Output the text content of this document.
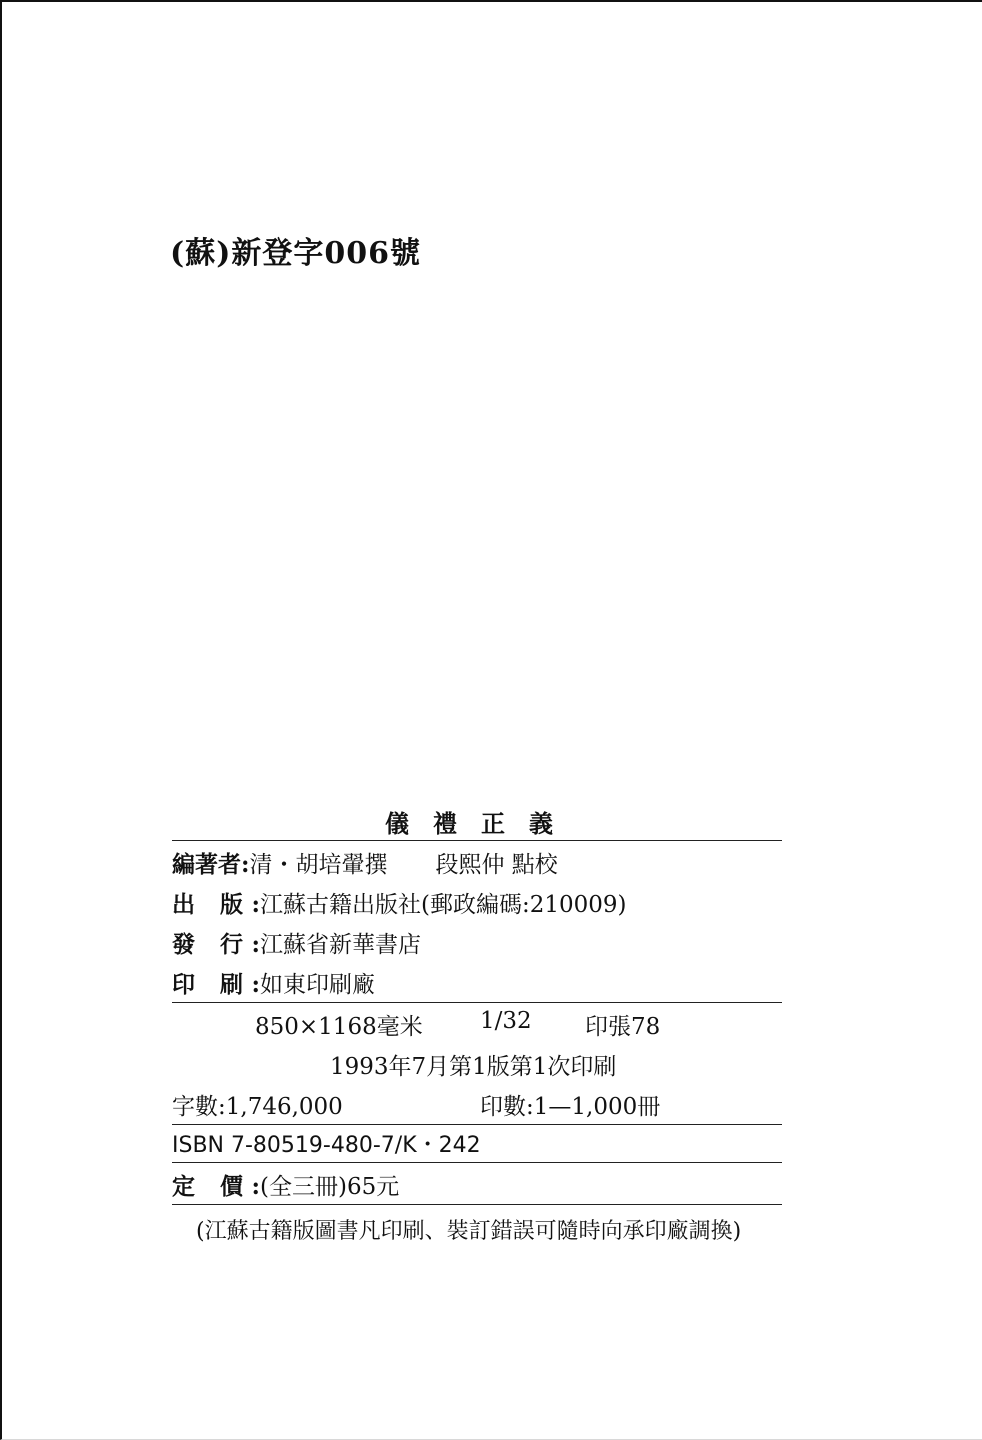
(蘇)新登字006號
儀禮正義
編著者:清・胡培翬撰 段熙仲 點校
出 版:江蘇古籍出版社(郵政編碼:210009)
發 行:江蘇省新華書店
印 刷:如東印刷廠
850×1168毫米 1/32 印張78
1993年7月第1版第1次印刷
字數:1,746,000	印數:1—1,000冊
ISBN 7-80519-480-7/K・242
定 價:(全三冊)65元
(江蘇古籍版圖書凡印刷、裝訂錯誤可隨時向承印廠調換)
